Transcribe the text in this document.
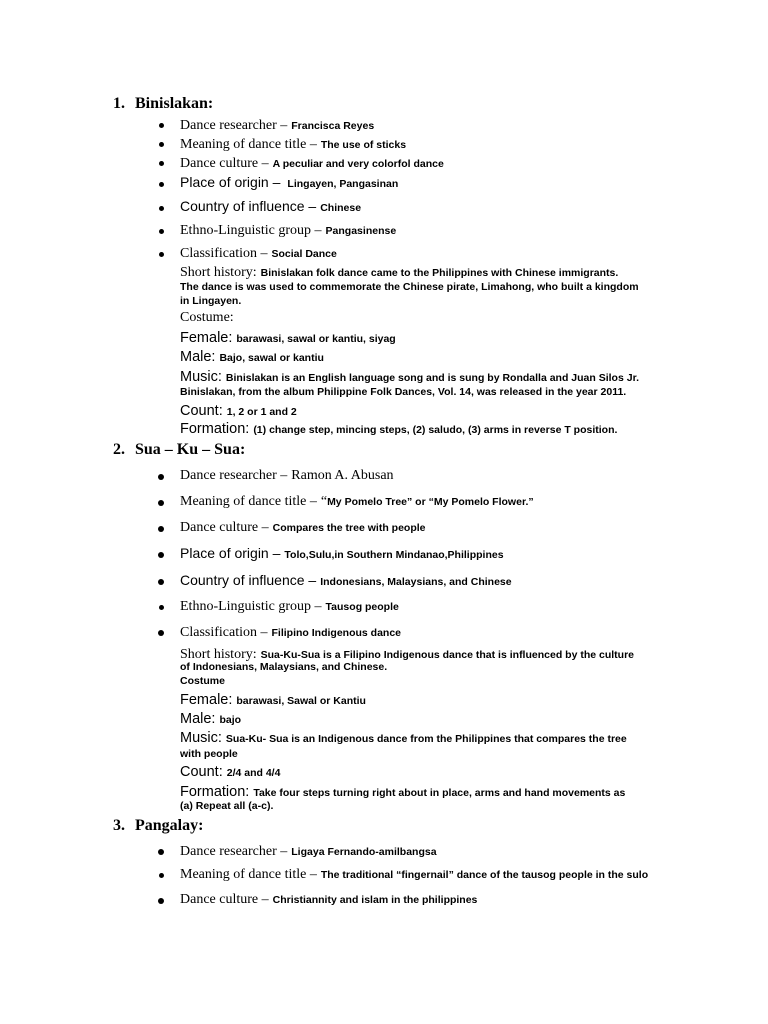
1. Binislakan:
Dance researcher – Francisca Reyes
Meaning of dance title – The use of sticks
Dance culture – A peculiar and very colorfol dance
Place of origin – Lingayen, Pangasinan
Country of influence – Chinese
Ethno-Linguistic group – Pangasinense
Classification – Social Dance
Short history: Binislakan folk dance came to the Philippines with Chinese immigrants.
The dance is was used to commemorate the Chinese pirate, Limahong, who built a kingdom
in Lingayen.
Costume:
Female: barawasi, sawal or kantiu, siyag
Male: Bajo, sawal or kantiu
Music: Binislakan is an English language song and is sung by Rondalla and Juan Silos Jr.
Binislakan, from the album Philippine Folk Dances, Vol. 14, was released in the year 2011.
Count: 1, 2 or 1 and 2
Formation: (1) change step, mincing steps, (2) saludo, (3) arms in reverse T position.
2. Sua – Ku – Sua:
Dance researcher – Ramon A. Abusan
Meaning of dance title – “My Pomelo Tree” or “My Pomelo Flower.”
Dance culture – Compares the tree with people
Place of origin – Tolo,Sulu,in Southern Mindanao,Philippines
Country of influence – Indonesians, Malaysians, and Chinese
Ethno-Linguistic group – Tausog people
Classification – Filipino Indigenous dance
Short history: Sua-Ku-Sua is a Filipino Indigenous dance that is influenced by the culture
of Indonesians, Malaysians, and Chinese.
Costume
Female: barawasi, Sawal or Kantiu
Male: bajo
Music: Sua-Ku- Sua is an Indigenous dance from the Philippines that compares the tree
with people
Count: 2/4 and 4/4
Formation: Take four steps turning right about in place, arms and hand movements as
(a) Repeat all (a-c).
3. Pangalay:
Dance researcher – Ligaya Fernando-amilbangsa
Meaning of dance title – The traditional “fingernail” dance of the tausog people in the sulo
Dance culture – Christiannity and islam in the philippines
